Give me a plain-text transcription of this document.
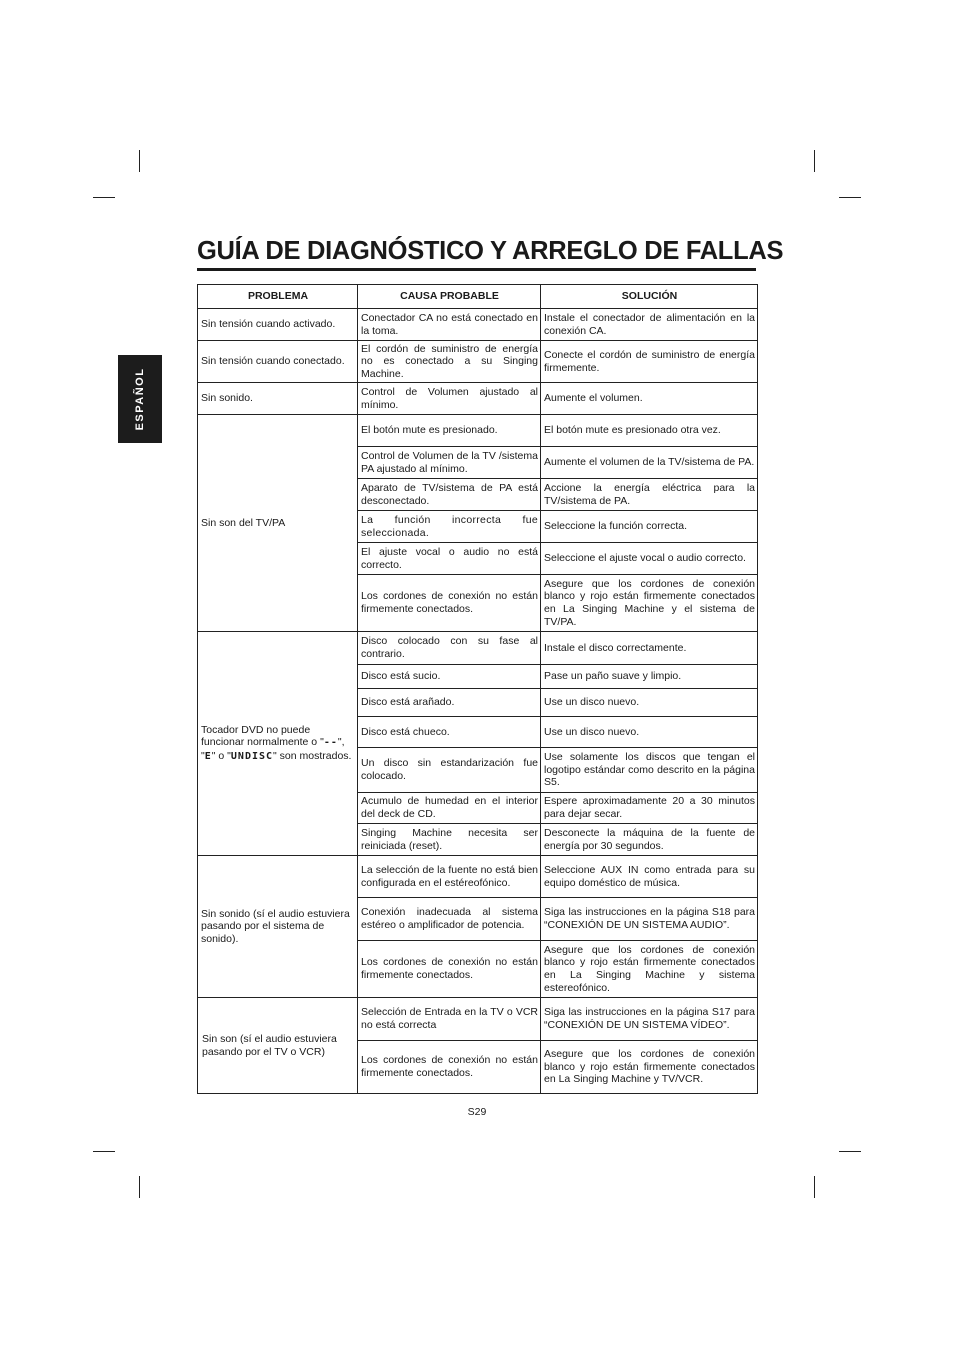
ESPAÑOL
GUÍA DE DIAGNÓSTICO Y ARREGLO DE FALLAS
PROBLEMA	CAUSA PROBABLE	SOLUCIÓN
Sin tensión cuando activado.	Conectador CA no está conectado en la toma.	Instale el conectador de alimentación en la conexión CA.
Sin tensión cuando conectado.	El cordón de suministro de energía no es conectado a su Singing Machine.	Conecte el cordón de suministro de energía firmemente.
Sin sonido.	Control de Volumen ajustado al mínimo.	Aumente el volumen.
Sin son del TV/PA	El botón mute es presionado.	El botón mute es presionado otra vez.
	Control de Volumen de la TV /sistema PA ajustado al mínimo.	Aumente el volumen de la TV/sistema de PA.
	Aparato de TV/sistema de PA está desconectado.	Accione la energía eléctrica para la TV/sistema de PA.
	La función incorrecta fue seleccionada.	Seleccione la función correcta.
	El ajuste vocal o audio no está correcto.	Seleccione el ajuste vocal o audio correcto.
	Los cordones de conexión no están firmemente conectados.	Asegure que los cordones de conexión blanco y rojo están firmemente conectados en La Singing Machine y el sistema de TV/PA.
Tocador DVD no puede funcionar normalmente o "--", "E" o "UNDISC" son mostrados.	Disco colocado con su fase al contrario.	Instale el disco correctamente.
	Disco está sucio.	Pase un paño suave y limpio.
	Disco está arañado.	Use un disco nuevo.
	Disco está chueco.	Use un disco nuevo.
	Un disco sin estandarización fue colocado.	Use solamente los discos que tengan el logotipo estándar como descrito en la página S5.
	Acumulo de humedad en el interior del deck de CD.	Espere aproximadamente 20 a 30 minutos para dejar secar.
	Singing Machine necesita ser reiniciada (reset).	Desconecte la máquina de la fuente de energía por 30 segundos.
Sin sonido (sí el audio estuviera pasando por el sistema de sonido).	La selección de la fuente no está bien configurada en el estéreofónico.	Seleccione AUX IN como entrada para su equipo doméstico de música.
	Conexión inadecuada al sistema estéreo o amplificador de potencia.	Siga las instrucciones en la página S18 para “CONEXIÓN DE UN SISTEMA AUDIO”.
	Los cordones de conexión no están firmemente conectados.	Asegure que los cordones de conexión blanco y rojo están firmemente conectados en La Singing Machine y sistema estereofónico.
Sin son (sí el audio estuviera pasando por el TV o VCR)	Selección de Entrada en la TV o VCR no está correcta	Siga las instrucciones en la página S17 para “CONEXIÓN DE UN SISTEMA VÍDEO”.
	Los cordones de conexión no están firmemente conectados.	Asegure que los cordones de conexión blanco y rojo están firmemente conectados en La Singing Machine y TV/VCR.
S29
